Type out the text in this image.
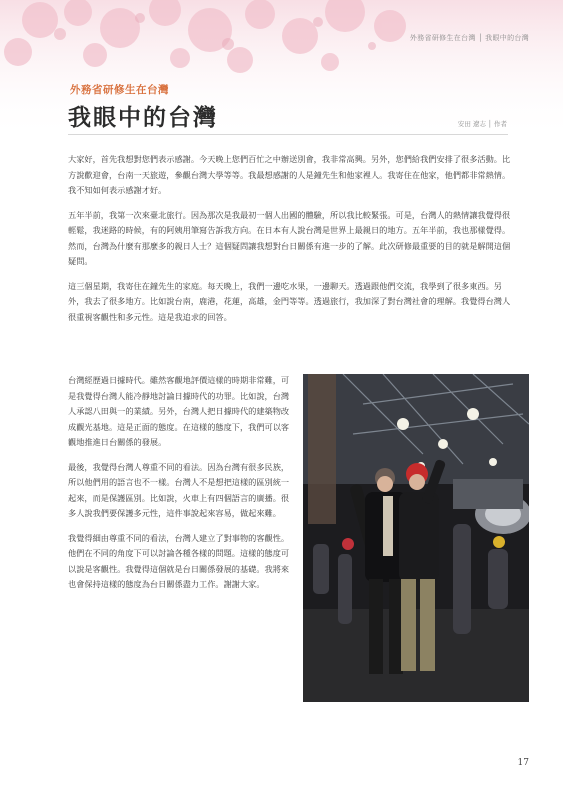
外務省研修生在台灣 │ 我眼中的台灣
外務省研修生在台灣
我眼中的台灣	安田 遼志 │ 作者

大家好，首先我想對您們表示感謝。今天晚上您們百忙之中辦送別會，我非常高興。另外，您們給我們安排了很多活動。比方說歡迎會，台南一天旅遊，參觀台灣大學等等。我最想感謝的人是鐘先生和他家裡人。我寄住在他家，他們都非常熱情。我不知如何表示感謝才好。

五年半前，我第一次來臺北旅行。因為那次是我最初一個人出國的體驗，所以我比較緊張。可是，台灣人的熱情讓我覺得很輕鬆，我迷路的時候，有的阿姨用筆寫告訴我方向。在日本有人說台灣是世界上最親日的地方。五年半前，我也那樣覺得。然而，台灣為什麼有那麼多的親日人士？這個疑問讓我想對台日關係有進一步的了解。此次研修最重要的目的就是解開這個疑問。

這三個星期，我寄住在鐘先生的家庭。每天晚上，我們一邊吃水果，一邊聊天。透過跟他們交流，我學到了很多東西。另外，我去了很多地方。比如說台南，鹿港，花蓮，高雄，金門等等。透過旅行，我加深了對台灣社會的理解。我覺得台灣人很重視客觀性和多元性。這是我追求的回答。

台灣經歷過日據時代。雖然客觀地評價這樣的時期非常難，可是我覺得台灣人能冷靜地討論日據時代的功罪。比如說，台灣人承認八田與一的業績。另外，台灣人把日據時代的建築物改成觀光基地。這是正面的態度。在這樣的態度下，我們可以客觀地推進日台關係的發展。

最後，我覺得台灣人尊重不同的看法。因為台灣有很多民族，所以他們用的語言也不一樣。台灣人不是想把這樣的區別統一起來，而是保護區別。比如說，火車上有四個語言的廣播。很多人說我們要保護多元性，這件事說起來容易，做起來難。

我覺得細由尊重不同的看法，台灣人建立了對事物的客觀性。他們在不同的角度下可以討論各種各樣的問題。這樣的態度可以說是客觀性。我覺得這個就是台日關係發展的基礎。我將來也會保持這樣的態度為台日關係盡力工作。謝謝大家。

17
